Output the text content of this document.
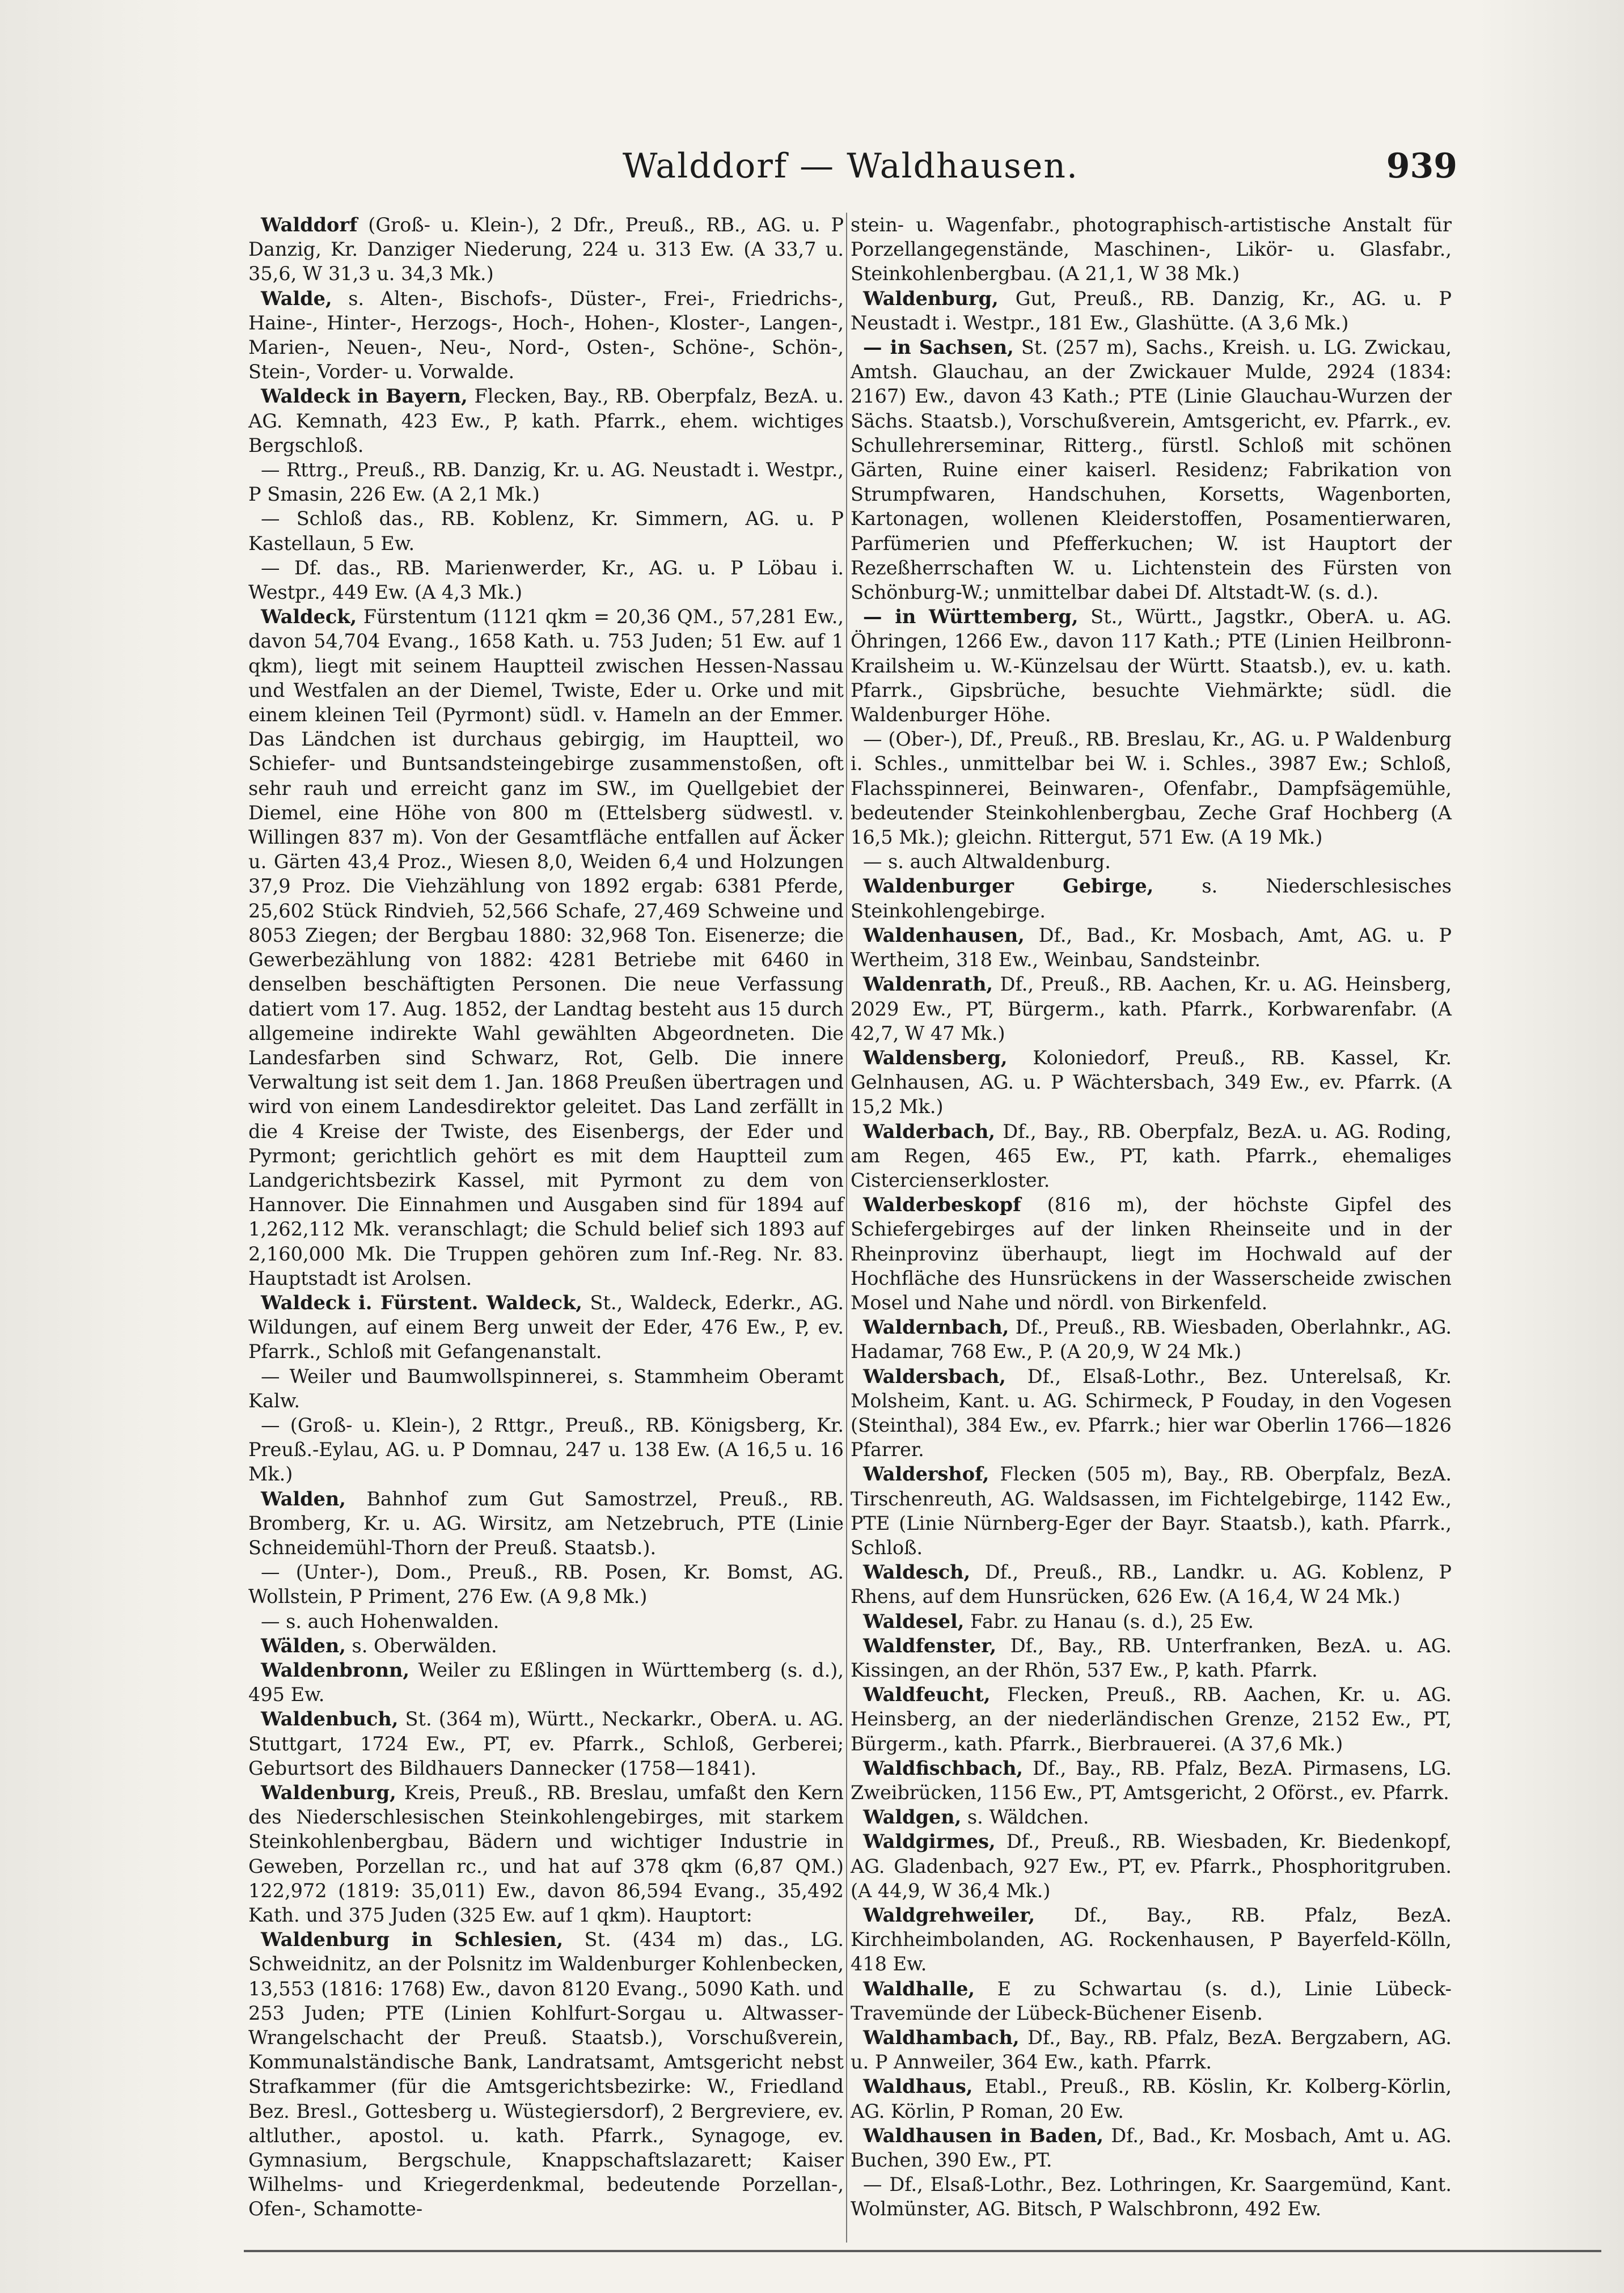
Walddorf — Waldhausen.	939

Walddorf (Groß- u. Klein-), 2 Dfr., Preuß., RB., AG. u. P Danzig, Kr. Danziger Niederung, 224 u. 313 Ew. (A 33,7 u. 35,6, W 31,3 u. 34,3 Mk.)

Walde, s. Alten-, Bischofs-, Düster-, Frei-, Friedrichs-, Haine-, Hinter-, Herzogs-, Hoch-, Hohen-, Kloster-, Langen-, Marien-, Neuen-, Neu-, Nord-, Osten-, Schöne-, Schön-, Stein-, Vorder- u. Vorwalde.

Waldeck in Bayern, Flecken, Bay., RB. Oberpfalz, BezA. u. AG. Kemnath, 423 Ew., P, kath. Pfarrk., ehem. wichtiges Bergschloß.

— Rttrg., Preuß., RB. Danzig, Kr. u. AG. Neustadt i. Westpr., P Smasin, 226 Ew. (A 2,1 Mk.)

— Schloß das., RB. Koblenz, Kr. Simmern, AG. u. P Kastellaun, 5 Ew.

— Df. das., RB. Marienwerder, Kr., AG. u. P Löbau i. Westpr., 449 Ew. (A 4,3 Mk.)

Waldeck, Fürstentum (1121 qkm = 20,36 QM., 57,281 Ew., davon 54,704 Evang., 1658 Kath. u. 753 Juden; 51 Ew. auf 1 qkm), liegt mit seinem Hauptteil zwischen Hessen-Nassau und Westfalen an der Diemel, Twiste, Eder u. Orke und mit einem kleinen Teil (Pyrmont) südl. v. Hameln an der Emmer. Das Ländchen ist durchaus gebirgig, im Hauptteil, wo Schiefer- und Buntsandsteingebirge zusammenstoßen, oft sehr rauh und erreicht ganz im SW., im Quellgebiet der Diemel, eine Höhe von 800 m (Ettelsberg südwestl. v. Willingen 837 m). Von der Gesamtfläche entfallen auf Äcker u. Gärten 43,4 Proz., Wiesen 8,0, Weiden 6,4 und Holzungen 37,9 Proz. Die Viehzählung von 1892 ergab: 6381 Pferde, 25,602 Stück Rindvieh, 52,566 Schafe, 27,469 Schweine und 8053 Ziegen; der Bergbau 1880: 32,968 Ton. Eisenerze; die Gewerbezählung von 1882: 4281 Betriebe mit 6460 in denselben beschäftigten Personen. Die neue Verfassung datiert vom 17. Aug. 1852, der Landtag besteht aus 15 durch allgemeine indirekte Wahl gewählten Abgeordneten. Die Landesfarben sind Schwarz, Rot, Gelb. Die innere Verwaltung ist seit dem 1. Jan. 1868 Preußen übertragen und wird von einem Landesdirektor geleitet. Das Land zerfällt in die 4 Kreise der Twiste, des Eisenbergs, der Eder und Pyrmont; gerichtlich gehört es mit dem Hauptteil zum Landgerichtsbezirk Kassel, mit Pyrmont zu dem von Hannover. Die Einnahmen und Ausgaben sind für 1894 auf 1,262,112 Mk. veranschlagt; die Schuld belief sich 1893 auf 2,160,000 Mk. Die Truppen gehören zum Inf.-Reg. Nr. 83. Hauptstadt ist Arolsen.

Waldeck i. Fürstent. Waldeck, St., Waldeck, Ederkr., AG. Wildungen, auf einem Berg unweit der Eder, 476 Ew., P, ev. Pfarrk., Schloß mit Gefangenanstalt.

— Weiler und Baumwollspinnerei, s. Stammheim Oberamt Kalw.

— (Groß- u. Klein-), 2 Rttgr., Preuß., RB. Königsberg, Kr. Preuß.-Eylau, AG. u. P Domnau, 247 u. 138 Ew. (A 16,5 u. 16 Mk.)

Walden, Bahnhof zum Gut Samostrzel, Preuß., RB. Bromberg, Kr. u. AG. Wirsitz, am Netzebruch, PTE (Linie Schneidemühl-Thorn der Preuß. Staatsb.).

— (Unter-), Dom., Preuß., RB. Posen, Kr. Bomst, AG. Wollstein, P Priment, 276 Ew. (A 9,8 Mk.)

— s. auch Hohenwalden.

Wälden, s. Oberwälden.

Waldenbronn, Weiler zu Eßlingen in Württemberg (s. d.), 495 Ew.

Waldenbuch, St. (364 m), Württ., Neckarkr., OberA. u. AG. Stuttgart, 1724 Ew., PT, ev. Pfarrk., Schloß, Gerberei; Geburtsort des Bildhauers Dannecker (1758—1841).

Waldenburg, Kreis, Preuß., RB. Breslau, umfaßt den Kern des Niederschlesischen Steinkohlengebirges, mit starkem Steinkohlenbergbau, Bädern und wichtiger Industrie in Geweben, Porzellan rc., und hat auf 378 qkm (6,87 QM.) 122,972 (1819: 35,011) Ew., davon 86,594 Evang., 35,492 Kath. und 375 Juden (325 Ew. auf 1 qkm). Hauptort:

Waldenburg in Schlesien, St. (434 m) das., LG. Schweidnitz, an der Polsnitz im Waldenburger Kohlenbecken, 13,553 (1816: 1768) Ew., davon 8120 Evang., 5090 Kath. und 253 Juden; PTE (Linien Kohlfurt-Sorgau u. Altwasser-Wrangelschacht der Preuß. Staatsb.), Vorschußverein, Kommunalständische Bank, Landratsamt, Amtsgericht nebst Strafkammer (für die Amtsgerichtsbezirke: W., Friedland Bez. Bresl., Gottesberg u. Wüstegiersdorf), 2 Bergreviere, ev. altluther., apostol. u. kath. Pfarrk., Synagoge, ev. Gymnasium, Bergschule, Knappschaftslazarett; Kaiser Wilhelms- und Kriegerdenkmal, bedeutende Porzellan-, Ofen-, Schamotte-

stein- u. Wagenfabr., photographisch-artistische Anstalt für Porzellangegenstände, Maschinen-, Likör- u. Glasfabr., Steinkohlenbergbau. (A 21,1, W 38 Mk.)

Waldenburg, Gut, Preuß., RB. Danzig, Kr., AG. u. P Neustadt i. Westpr., 181 Ew., Glashütte. (A 3,6 Mk.)

— in Sachsen, St. (257 m), Sachs., Kreish. u. LG. Zwickau, Amtsh. Glauchau, an der Zwickauer Mulde, 2924 (1834: 2167) Ew., davon 43 Kath.; PTE (Linie Glauchau-Wurzen der Sächs. Staatsb.), Vorschußverein, Amtsgericht, ev. Pfarrk., ev. Schullehrerseminar, Ritterg., fürstl. Schloß mit schönen Gärten, Ruine einer kaiserl. Residenz; Fabrikation von Strumpfwaren, Handschuhen, Korsetts, Wagenborten, Kartonagen, wollenen Kleiderstoffen, Posamentierwaren, Parfümerien und Pfefferkuchen; W. ist Hauptort der Rezeßherrschaften W. u. Lichtenstein des Fürsten von Schönburg-W.; unmittelbar dabei Df. Altstadt-W. (s. d.).

— in Württemberg, St., Württ., Jagstkr., OberA. u. AG. Öhringen, 1266 Ew., davon 117 Kath.; PTE (Linien Heilbronn-Krailsheim u. W.-Künzelsau der Württ. Staatsb.), ev. u. kath. Pfarrk., Gipsbrüche, besuchte Viehmärkte; südl. die Waldenburger Höhe.

— (Ober-), Df., Preuß., RB. Breslau, Kr., AG. u. P Waldenburg i. Schles., unmittelbar bei W. i. Schles., 3987 Ew.; Schloß, Flachsspinnerei, Beinwaren-, Ofenfabr., Dampfsägemühle, bedeutender Steinkohlenbergbau, Zeche Graf Hochberg (A 16,5 Mk.); gleichn. Rittergut, 571 Ew. (A 19 Mk.)

— s. auch Altwaldenburg.

Waldenburger Gebirge, s. Niederschlesisches Steinkohlengebirge.

Waldenhausen, Df., Bad., Kr. Mosbach, Amt, AG. u. P Wertheim, 318 Ew., Weinbau, Sandsteinbr.

Waldenrath, Df., Preuß., RB. Aachen, Kr. u. AG. Heinsberg, 2029 Ew., PT, Bürgerm., kath. Pfarrk., Korbwarenfabr. (A 42,7, W 47 Mk.)

Waldensberg, Koloniedorf, Preuß., RB. Kassel, Kr. Gelnhausen, AG. u. P Wächtersbach, 349 Ew., ev. Pfarrk. (A 15,2 Mk.)

Walderbach, Df., Bay., RB. Oberpfalz, BezA. u. AG. Roding, am Regen, 465 Ew., PT, kath. Pfarrk., ehemaliges Cistercienserkloster.

Walderbeskopf (816 m), der höchste Gipfel des Schiefergebirges auf der linken Rheinseite und in der Rheinprovinz überhaupt, liegt im Hochwald auf der Hochfläche des Hunsrückens in der Wasserscheide zwischen Mosel und Nahe und nördl. von Birkenfeld.

Waldernbach, Df., Preuß., RB. Wiesbaden, Oberlahnkr., AG. Hadamar, 768 Ew., P. (A 20,9, W 24 Mk.)

Waldersbach, Df., Elsaß-Lothr., Bez. Unterelsaß, Kr. Molsheim, Kant. u. AG. Schirmeck, P Fouday, in den Vogesen (Steinthal), 384 Ew., ev. Pfarrk.; hier war Oberlin 1766—1826 Pfarrer.

Waldershof, Flecken (505 m), Bay., RB. Oberpfalz, BezA. Tirschenreuth, AG. Waldsassen, im Fichtelgebirge, 1142 Ew., PTE (Linie Nürnberg-Eger der Bayr. Staatsb.), kath. Pfarrk., Schloß.

Waldesch, Df., Preuß., RB., Landkr. u. AG. Koblenz, P Rhens, auf dem Hunsrücken, 626 Ew. (A 16,4, W 24 Mk.)

Waldesel, Fabr. zu Hanau (s. d.), 25 Ew.

Waldfenster, Df., Bay., RB. Unterfranken, BezA. u. AG. Kissingen, an der Rhön, 537 Ew., P, kath. Pfarrk.

Waldfeucht, Flecken, Preuß., RB. Aachen, Kr. u. AG. Heinsberg, an der niederländischen Grenze, 2152 Ew., PT, Bürgerm., kath. Pfarrk., Bierbrauerei. (A 37,6 Mk.)

Waldfischbach, Df., Bay., RB. Pfalz, BezA. Pirmasens, LG. Zweibrücken, 1156 Ew., PT, Amtsgericht, 2 Oförst., ev. Pfarrk.

Waldgen, s. Wäldchen.

Waldgirmes, Df., Preuß., RB. Wiesbaden, Kr. Biedenkopf, AG. Gladenbach, 927 Ew., PT, ev. Pfarrk., Phosphoritgruben. (A 44,9, W 36,4 Mk.)

Waldgrehweiler, Df., Bay., RB. Pfalz, BezA. Kirchheimbolanden, AG. Rockenhausen, P Bayerfeld-Kölln, 418 Ew.

Waldhalle, E zu Schwartau (s. d.), Linie Lübeck-Travemünde der Lübeck-Büchener Eisenb.

Waldhambach, Df., Bay., RB. Pfalz, BezA. Bergzabern, AG. u. P Annweiler, 364 Ew., kath. Pfarrk.

Waldhaus, Etabl., Preuß., RB. Köslin, Kr. Kolberg-Körlin, AG. Körlin, P Roman, 20 Ew.

Waldhausen in Baden, Df., Bad., Kr. Mosbach, Amt u. AG. Buchen, 390 Ew., PT.

— Df., Elsaß-Lothr., Bez. Lothringen, Kr. Saargemünd, Kant. Wolmünster, AG. Bitsch, P Walschbronn, 492 Ew.
